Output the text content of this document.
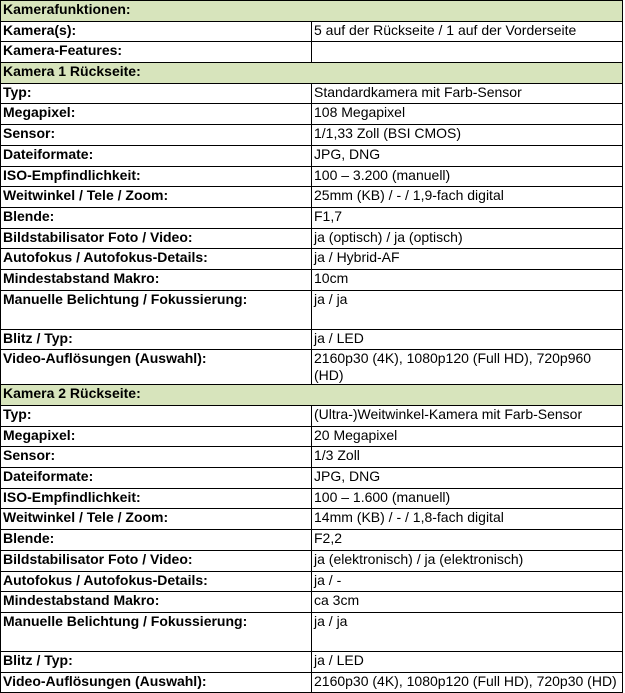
Kamerafunktionen:	
Kamera(s):	5 auf der Rückseite / 1 auf der Vorderseite
Kamera-Features:	
Kamera 1 Rückseite:	
Typ:	Standardkamera mit Farb-Sensor
Megapixel:	108 Megapixel
Sensor:	1/1,33 Zoll (BSI CMOS)
Dateiformate:	JPG, DNG
ISO-Empfindlichkeit:	100 – 3.200 (manuell)
Weitwinkel / Tele / Zoom:	25mm (KB) / - / 1,9-fach digital
Blende:	F1,7
Bildstabilisator Foto / Video:	ja (optisch) / ja (optisch)
Autofokus / Autofokus-Details:	ja / Hybrid-AF
Mindestabstand Makro:	10cm
Manuelle Belichtung / Fokussierung:	ja / ja
Blitz / Typ:	ja / LED
Video-Auflösungen (Auswahl):	2160p30 (4K), 1080p120 (Full HD), 720p960 (HD)
Kamera 2 Rückseite:	
Typ:	(Ultra-)Weitwinkel-Kamera mit Farb-Sensor
Megapixel:	20 Megapixel
Sensor:	1/3 Zoll
Dateiformate:	JPG, DNG
ISO-Empfindlichkeit:	100 – 1.600 (manuell)
Weitwinkel / Tele / Zoom:	14mm (KB) / - / 1,8-fach digital
Blende:	F2,2
Bildstabilisator Foto / Video:	ja (elektronisch) / ja (elektronisch)
Autofokus / Autofokus-Details:	ja / -
Mindestabstand Makro:	ca 3cm
Manuelle Belichtung / Fokussierung:	ja / ja
Blitz / Typ:	ja / LED
Video-Auflösungen (Auswahl):	2160p30 (4K), 1080p120 (Full HD), 720p30 (HD)
